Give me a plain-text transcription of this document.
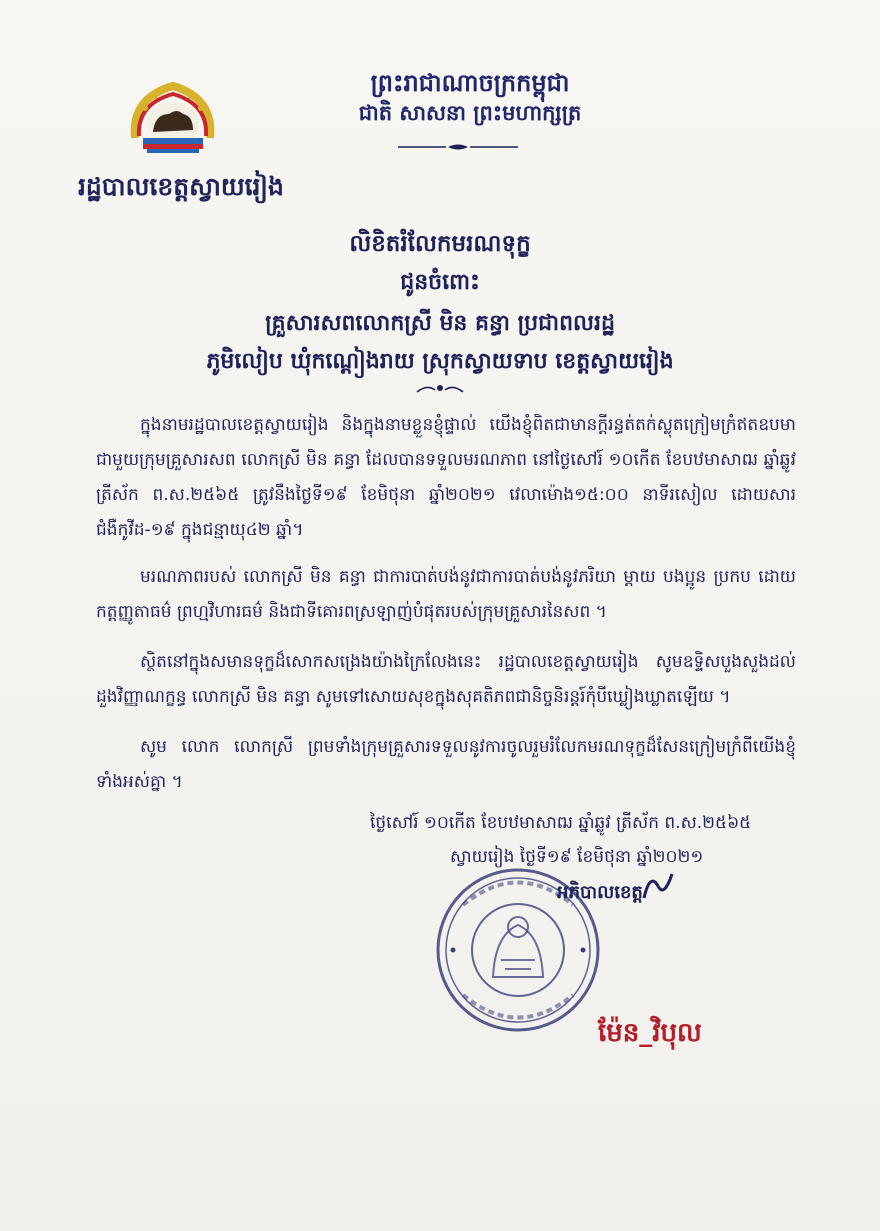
រដ្ឋបាលខេត្តស្វាយរៀង
ព្រះរាជាណាចក្រកម្ពុជា
ជាតិ សាសនា ព្រះមហាក្សត្រ
លិខិតរំលែកមរណទុក្ខ
ជូនចំពោះ
គ្រួសារសពលោកស្រី មិន គន្ធា ប្រជាពលរដ្ឋ
ភូមិលៀប ឃុំកណ្តៀងរាយ ស្រុកស្វាយទាប ខេត្តស្វាយរៀង
ក្នុងនាមរដ្ឋបាលខេត្តស្វាយរៀង និងក្នុងនាមខ្លួនខ្ញុំផ្ទាល់ យើងខ្ញុំពិតជាមានក្តីរន្ធត់តក់ស្លុតក្រៀមក្រំឥតឧបមា ជាមួយក្រុមគ្រួសារសព លោកស្រី មិន គន្ធា ដែលបានទទួលមរណភាព នៅថ្ងៃសៅរ៍ ១០កើត ខែបឋមាសាឍ ឆ្នាំឆ្លូវ ត្រីស័ក ព.ស.២៥៦៥ ត្រូវនឹងថ្ងៃទី១៩ ខែមិថុនា ឆ្នាំ២០២១ វេលាម៉ោង១៥:០០ នាទីរសៀល ដោយសារ ជំងឺកូវីដ-១៩ ក្នុងជន្មាយុ៤២ ឆ្នាំ។
មរណភាពរបស់ លោកស្រី មិន គន្ធា ជាការបាត់បង់នូវជាការបាត់បង់នូវភរិយា ម្តាយ បងប្អូន ប្រកប ដោយកត្តញ្ញូតាធម៌ ព្រហ្មវិហារធម៌ និងជាទីគោរពស្រឡាញ់បំផុតរបស់ក្រុមគ្រួសារនៃសព ។
ស្ថិតនៅក្នុងសមានទុក្ខដ៏សោកសង្រេងយ៉ាងក្រៃលែងនេះ រដ្ឋបាលខេត្តស្វាយរៀង សូមឧទ្ទិសបួងសួងដល់ ដួងវិញ្ញាណក្ខន្ធ លោកស្រី មិន គន្ធា សូមទៅសោយសុខក្នុងសុគតិភពជានិច្ចនិរន្តរ៍កុំបីឃ្លៀងឃ្លាតឡើយ ។
សូម លោក លោកស្រី ព្រមទាំងក្រុមគ្រួសារទទួលនូវការចូលរួមរំលែកមរណទុក្ខដ៏សែនក្រៀមក្រំពីយើងខ្ញុំ ទាំងអស់គ្នា ។
ថ្ងៃសៅរ៍ ១០កើត ខែបឋមាសាឍ ឆ្នាំឆ្លូវ ត្រីស័ក ព.ស.២៥៦៥
ស្វាយរៀង ថ្ងៃទី១៩ ខែមិថុនា ឆ្នាំ២០២១
អភិបាលខេត្ត
ម៉ែន_វិបុល
